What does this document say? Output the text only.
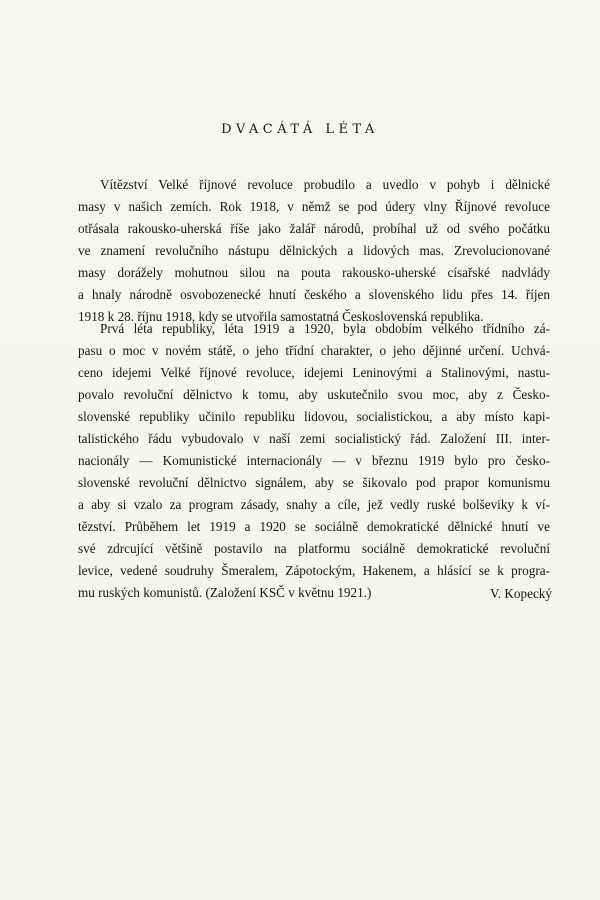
DVACÁTÁ LÉTA
Vítězství Velké říjnové revoluce probudilo a uvedlo v pohyb i dělnické
masy v našich zemích. Rok 1918, v němž se pod údery vlny Říjnové revoluce
otřásala rakousko-uherská říše jako žalář národů, probíhal už od svého počátku
ve znamení revolučního nástupu dělnických a lidových mas. Zrevolucionované
masy dorážely mohutnou silou na pouta rakousko-uherské císařské nadvlády
a hnaly národně osvobozenecké hnutí českého a slovenského lidu přes 14. říjen
1918 k 28. říjnu 1918, kdy se utvořila samostatná Československá republika.
Prvá léta republiky, léta 1919 a 1920, byla obdobím velkého třídního zá-
pasu o moc v novém státě, o jeho třídní charakter, o jeho dějinné určení. Uchvá-
ceno idejemi Velké říjnové revoluce, idejemi Leninovými a Stalinovými, nastu-
povalo revoluční dělnictvo k tomu, aby uskutečnilo svou moc, aby z Česko-
slovenské republiky učinilo republiku lidovou, socialistickou, a aby místo kapi-
talistického řádu vybudovalo v naší zemi socialistický řád. Založení III. inter-
nacionály — Komunistické internacionály — v březnu 1919 bylo pro česko-
slovenské revoluční dělnictvo signálem, aby se šikovalo pod prapor komunismu
a aby si vzalo za program zásady, snahy a cíle, jež vedly ruské bolševiky k ví-
tězství. Průběhem let 1919 a 1920 se sociálně demokratické dělnické hnutí ve
své zdrcující většině postavilo na platformu sociálně demokratické revoluční
levice, vedené soudruhy Šmeralem, Zápotockým, Hakenem, a hlásící se k progra-
mu ruských komunistů. (Založení KSČ v květnu 1921.)	V. Kopecký
